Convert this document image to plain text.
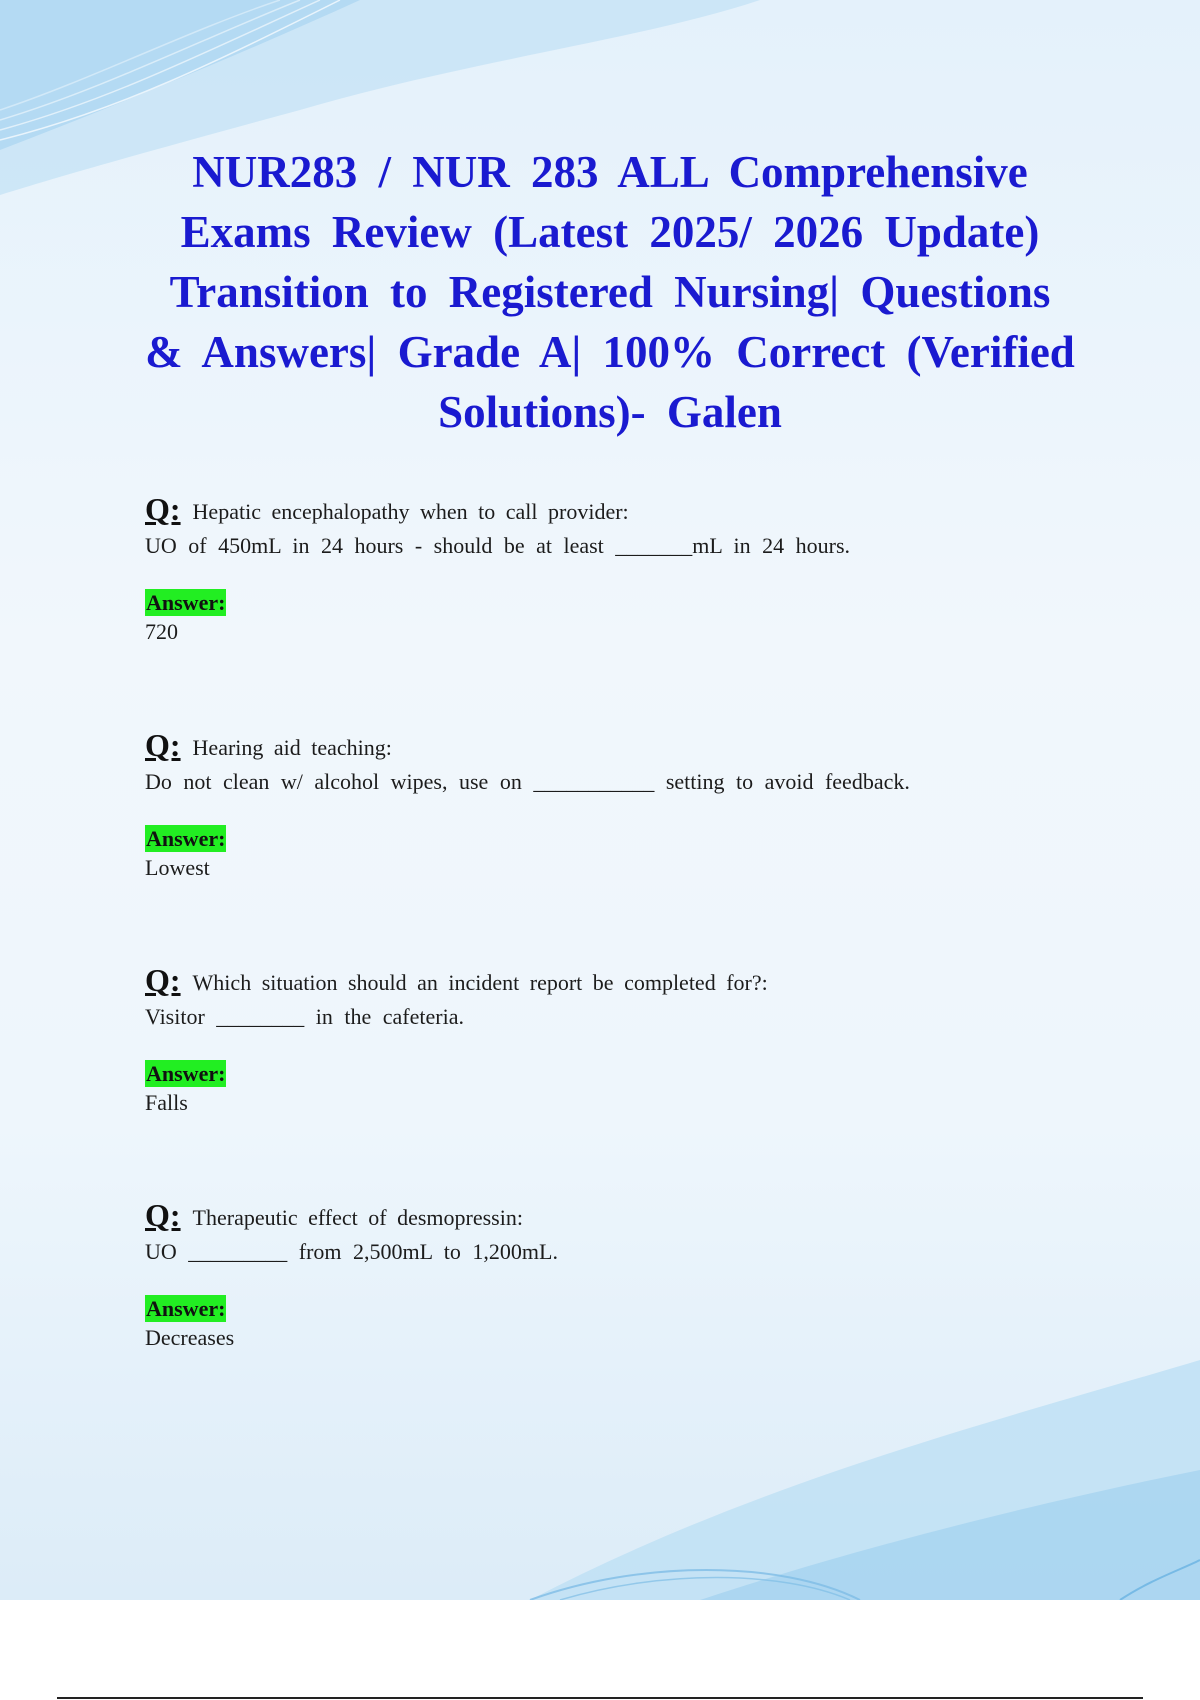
NUR283 / NUR 283 ALL Comprehensive Exams Review (Latest 2025/ 2026 Update) Transition to Registered Nursing| Questions & Answers| Grade A| 100% Correct (Verified Solutions)- Galen
Q: Hepatic encephalopathy when to call provider:
UO of 450mL in 24 hours - should be at least _______mL in 24 hours.
Answer:
720
Q: Hearing aid teaching:
Do not clean w/ alcohol wipes, use on ___________ setting to avoid feedback.
Answer:
Lowest
Q: Which situation should an incident report be completed for?:
Visitor ________ in the cafeteria.
Answer:
Falls
Q: Therapeutic effect of desmopressin:
UO _________ from 2,500mL to 1,200mL.
Answer:
Decreases
